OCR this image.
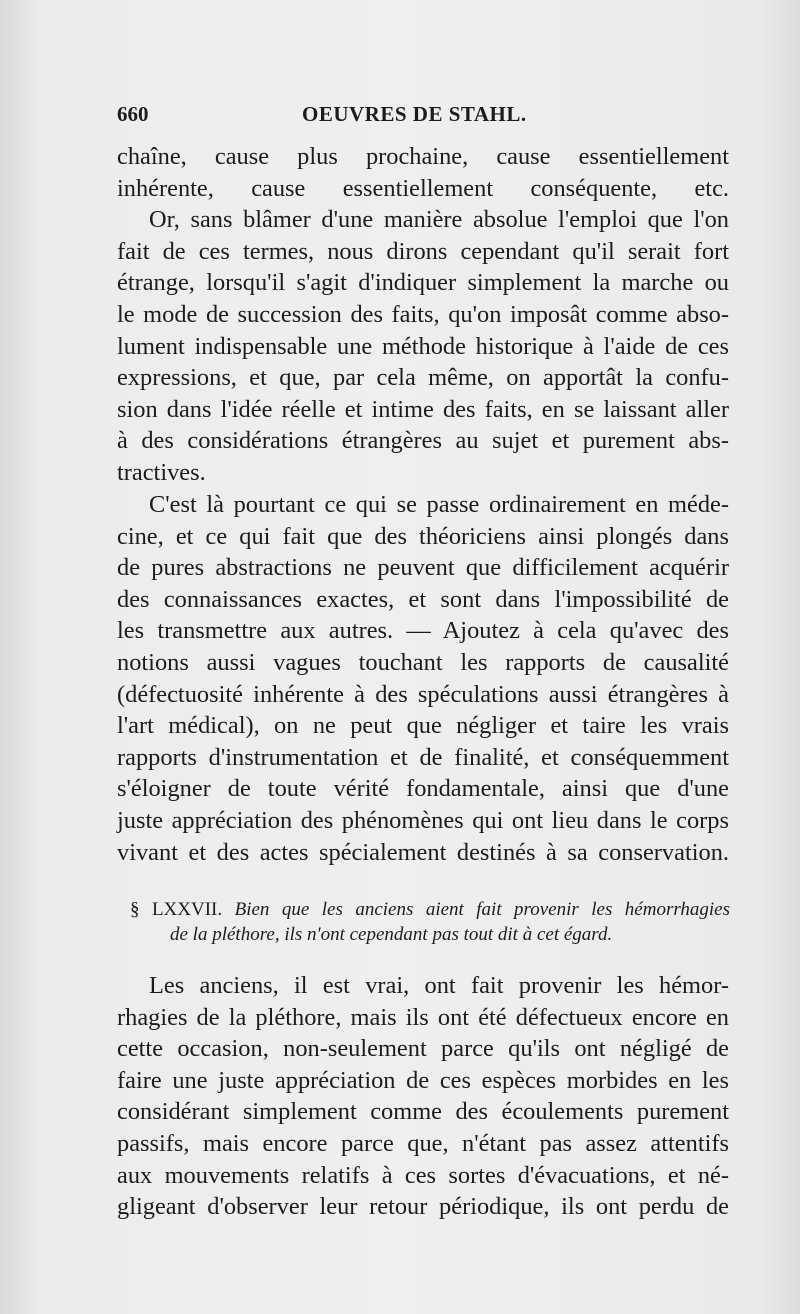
660	OEUVRES DE STAHL.
chaîne, cause plus prochaine, cause essentiellement
inhérente, cause essentiellement conséquente, etc.
Or, sans blâmer d'une manière absolue l'emploi que l'on
fait de ces termes, nous dirons cependant qu'il serait fort
étrange, lorsqu'il s'agit d'indiquer simplement la marche ou
le mode de succession des faits, qu'on imposât comme abso-
lument indispensable une méthode historique à l'aide de ces
expressions, et que, par cela même, on apportât la confu-
sion dans l'idée réelle et intime des faits, en se laissant aller
à des considérations étrangères au sujet et purement abs-
tractives.
C'est là pourtant ce qui se passe ordinairement en méde-
cine, et ce qui fait que des théoriciens ainsi plongés dans
de pures abstractions ne peuvent que difficilement acquérir
des connaissances exactes, et sont dans l'impossibilité de
les transmettre aux autres. — Ajoutez à cela qu'avec des
notions aussi vagues touchant les rapports de causalité
(défectuosité inhérente à des spéculations aussi étrangères à
l'art médical), on ne peut que négliger et taire les vrais
rapports d'instrumentation et de finalité, et conséquemment
s'éloigner de toute vérité fondamentale, ainsi que d'une
juste appréciation des phénomènes qui ont lieu dans le corps
vivant et des actes spécialement destinés à sa conservation.
§ LXXVII. Bien que les anciens aient fait provenir les hémorrhagies
de la pléthore, ils n'ont cependant pas tout dit à cet égard.
Les anciens, il est vrai, ont fait provenir les hémor-
rhagies de la pléthore, mais ils ont été défectueux encore en
cette occasion, non-seulement parce qu'ils ont négligé de
faire une juste appréciation de ces espèces morbides en les
considérant simplement comme des écoulements purement
passifs, mais encore parce que, n'étant pas assez attentifs
aux mouvements relatifs à ces sortes d'évacuations, et né-
gligeant d'observer leur retour périodique, ils ont perdu de
